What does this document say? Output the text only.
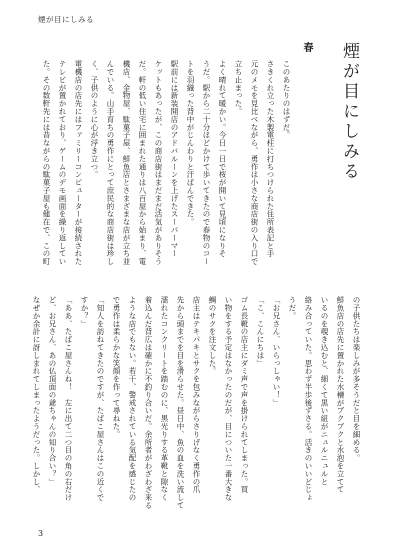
煙が目にしみる
煙が目にしみる
春
このあたりのはずだ。
さきくれ立った木製電柱に打ちつけられた住所表記と手
元のメモを見比べながら、勇作は小さな商店街の入り口で
立ち止まった。
よく晴れて暖かい。今日一日で桜が開いて見頃になりそ
うだ。駅から二十分ほどかけて歩いてきたので春物のコー
トを羽織った背中がじんわりと汗ばんできた。
駅前には新装開店のアドバルーンを上げたスーパーマー
ケットもあったが、この商店街はまだまだ活気がありそう
だ。軒の低い住宅に囲まれた通りは八百屋から始まり、電
機店、金物屋、駄菓子屋、鮮魚店とさまざまな店が立ち並
んでいる。山手育ちの勇作にとって庶民的な商店街は珍し
く、子供のように心が浮き立つ。
電機店の店先にはファミリーコンピューターが接続された
テレビが置かれており、ゲームのデモ画面を繰り返してい
た。その数軒先には昔ながらの駄菓子屋も健在で、この町
の子供たちは楽しみが多そうだと目を細める。
鮮魚店の店先に置かれた水槽がブクブクと水泡を立てて
いるのを覗き込むと、細くて黒い紐がニュルニュルと
絡み合っていた。思わず半歩後ずさる。活きのいいどじょ
うだ。
「お兄さん、いらっしゃい！」
「こ、こんにちは」
ゴム長靴の店主にダミ声で声を掛けられてしまった。買
い物をする予定はなかったのだが、目についた一番大きな
鯛のサクを注文した。
店主はテキパキとサクを包みながらさりげなく勇作の爪
先から頭までを目を滑らせた。昼日中、魚の血を洗い流して
濡れたコンクリートを踏むのに、黒光りする革靴と隙なく
着込んだ背広は確かに不釣り合いだ。余所者がわざわざ来る
ような店でもない。若干、警戒されている気配を感じたの
で勇作は柔らかな笑顔を作って尋ねた。
「知人を訪ねてきたのですが、たばこ屋さんはこの近くで
すか？」
「ああ、たばこ屋さんね！　左に出て二つ目の角の右だけ
ど、お兄さん、あの仏頂面の爺ちゃんの知り合い？」
なぜか余計に訝しまれてしまったようだった。しかし、
3
